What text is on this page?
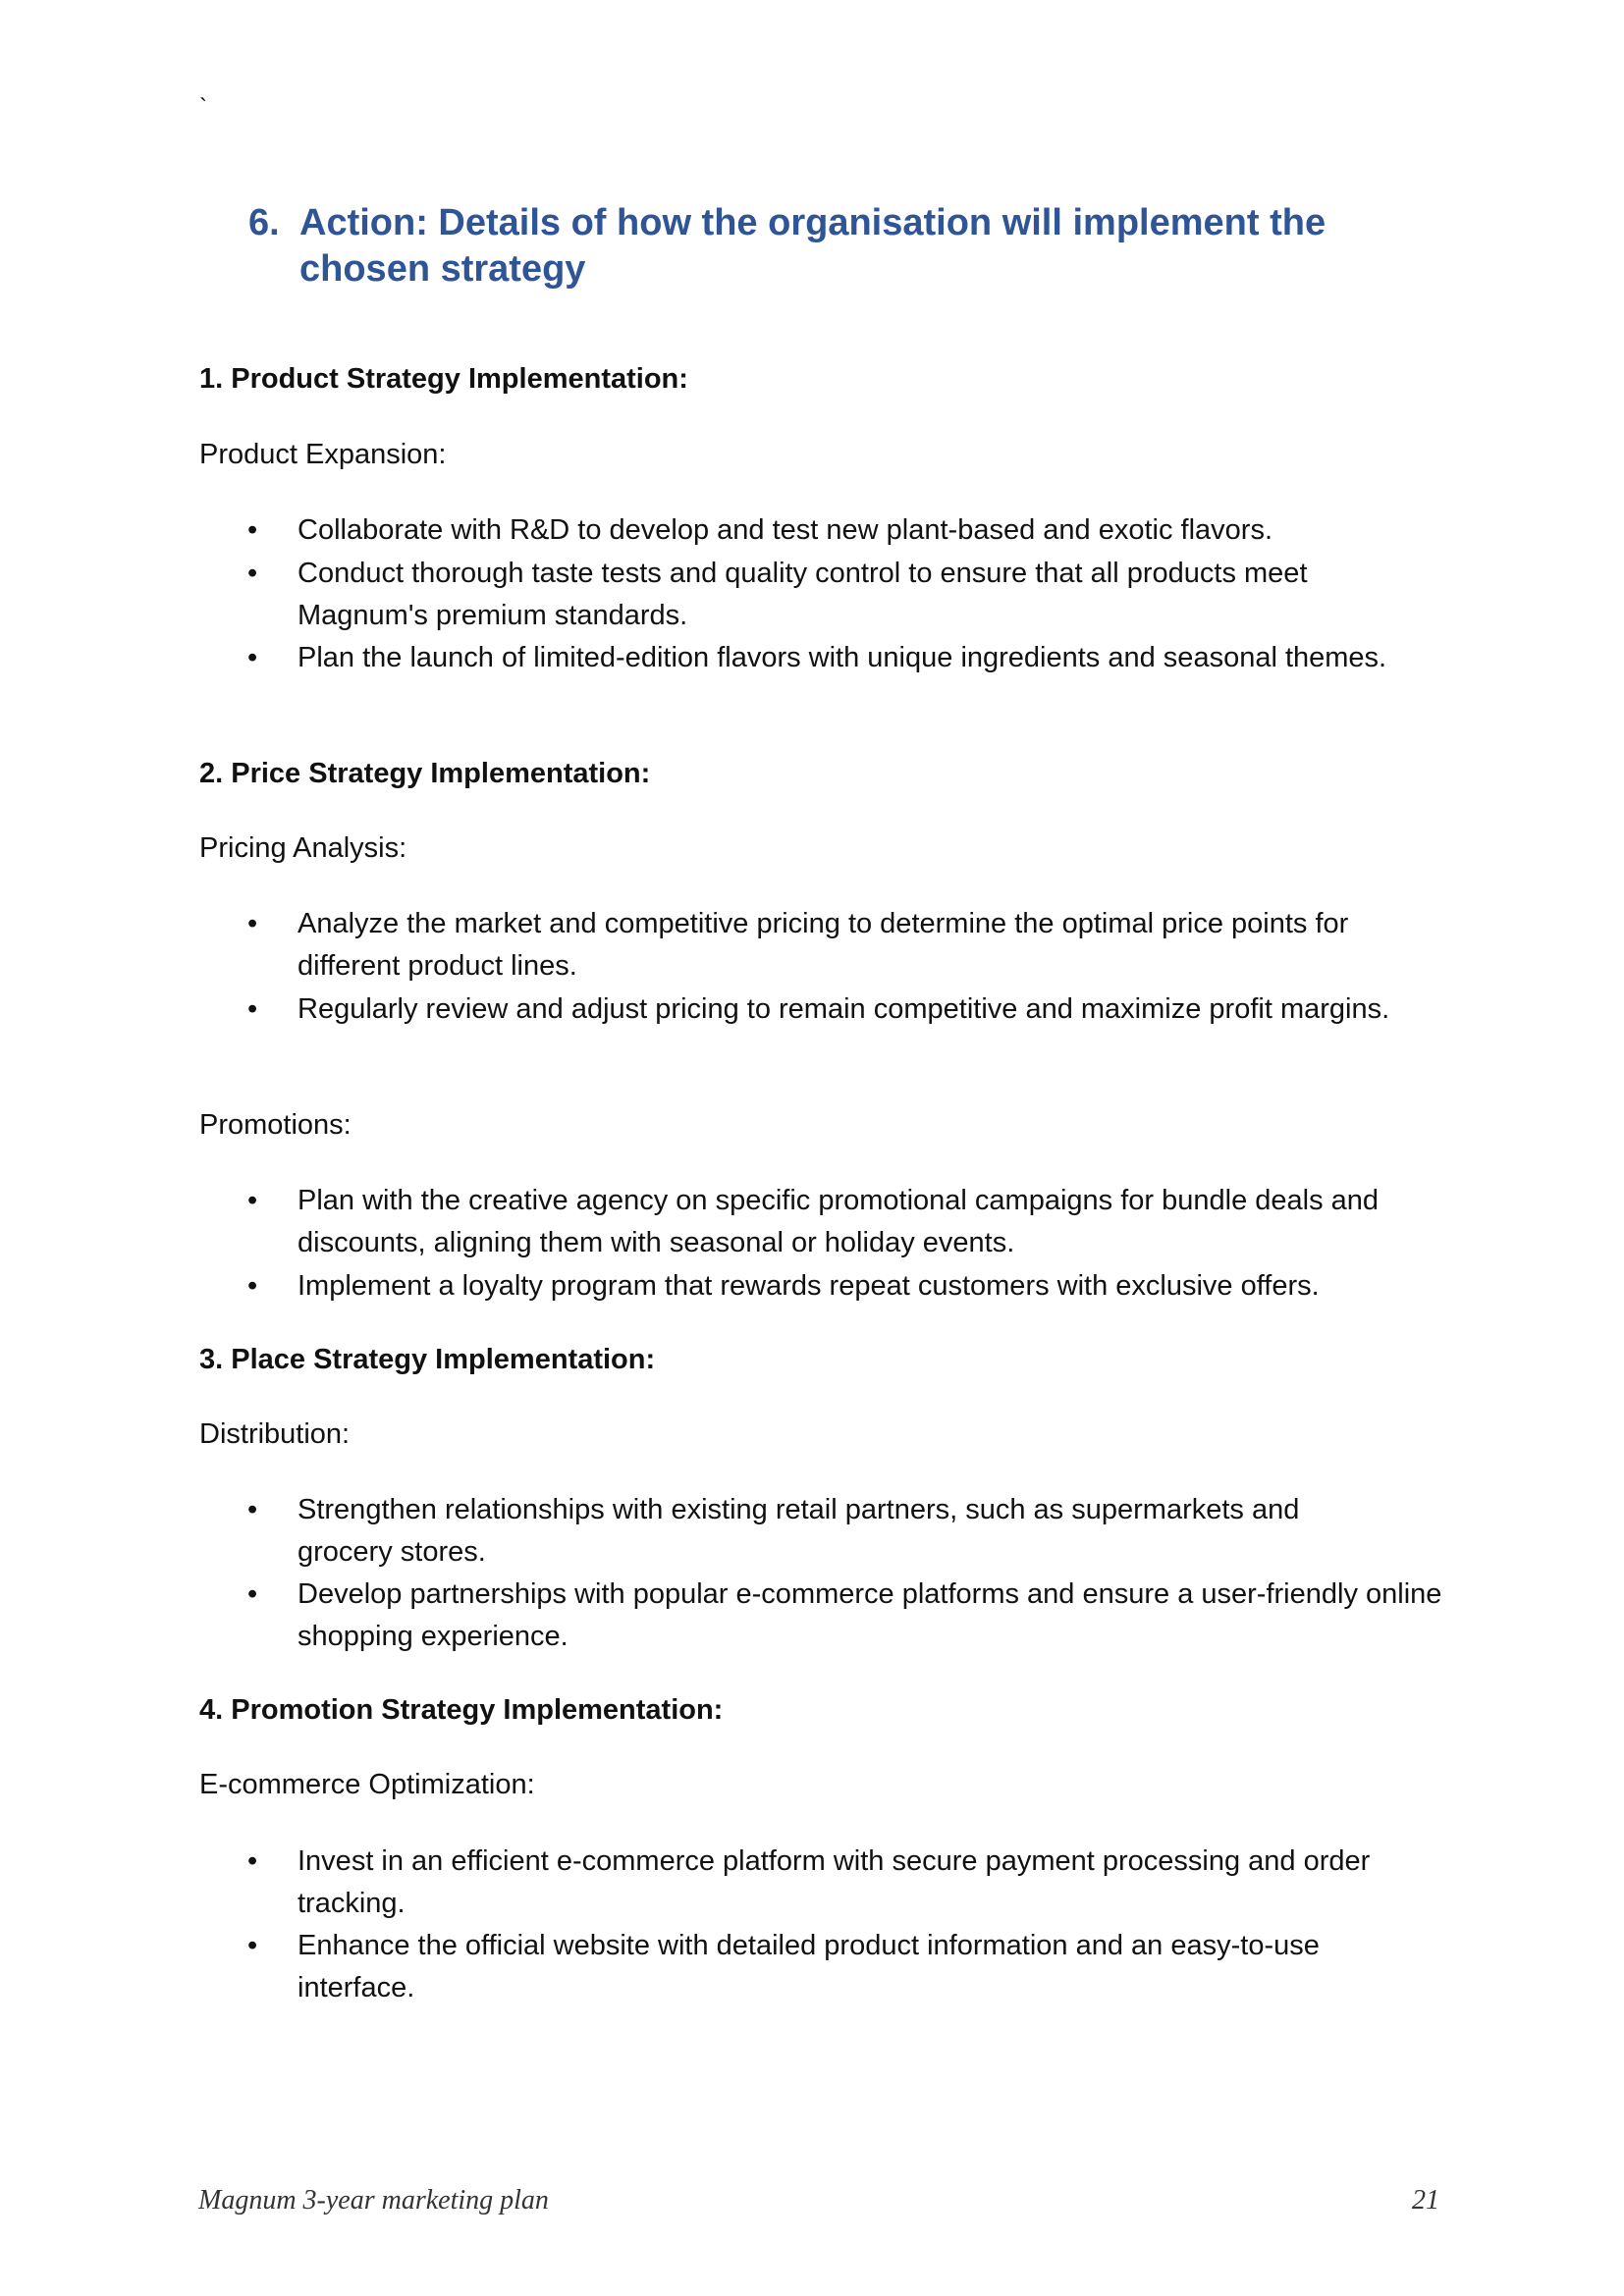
`
6. Action: Details of how the organisation will implement the chosen strategy
1. Product Strategy Implementation:
Product Expansion:
• Collaborate with R&D to develop and test new plant-based and exotic flavors.
• Conduct thorough taste tests and quality control to ensure that all products meet Magnum's premium standards.
• Plan the launch of limited-edition flavors with unique ingredients and seasonal themes.
2. Price Strategy Implementation:
Pricing Analysis:
• Analyze the market and competitive pricing to determine the optimal price points for different product lines.
• Regularly review and adjust pricing to remain competitive and maximize profit margins.
Promotions:
• Plan with the creative agency on specific promotional campaigns for bundle deals and discounts, aligning them with seasonal or holiday events.
• Implement a loyalty program that rewards repeat customers with exclusive offers.
3. Place Strategy Implementation:
Distribution:
• Strengthen relationships with existing retail partners, such as supermarkets and grocery stores.
• Develop partnerships with popular e-commerce platforms and ensure a user-friendly online shopping experience.
4. Promotion Strategy Implementation:
E-commerce Optimization:
• Invest in an efficient e-commerce platform with secure payment processing and order tracking.
• Enhance the official website with detailed product information and an easy-to-use interface.
Magnum 3-year marketing plan	21
